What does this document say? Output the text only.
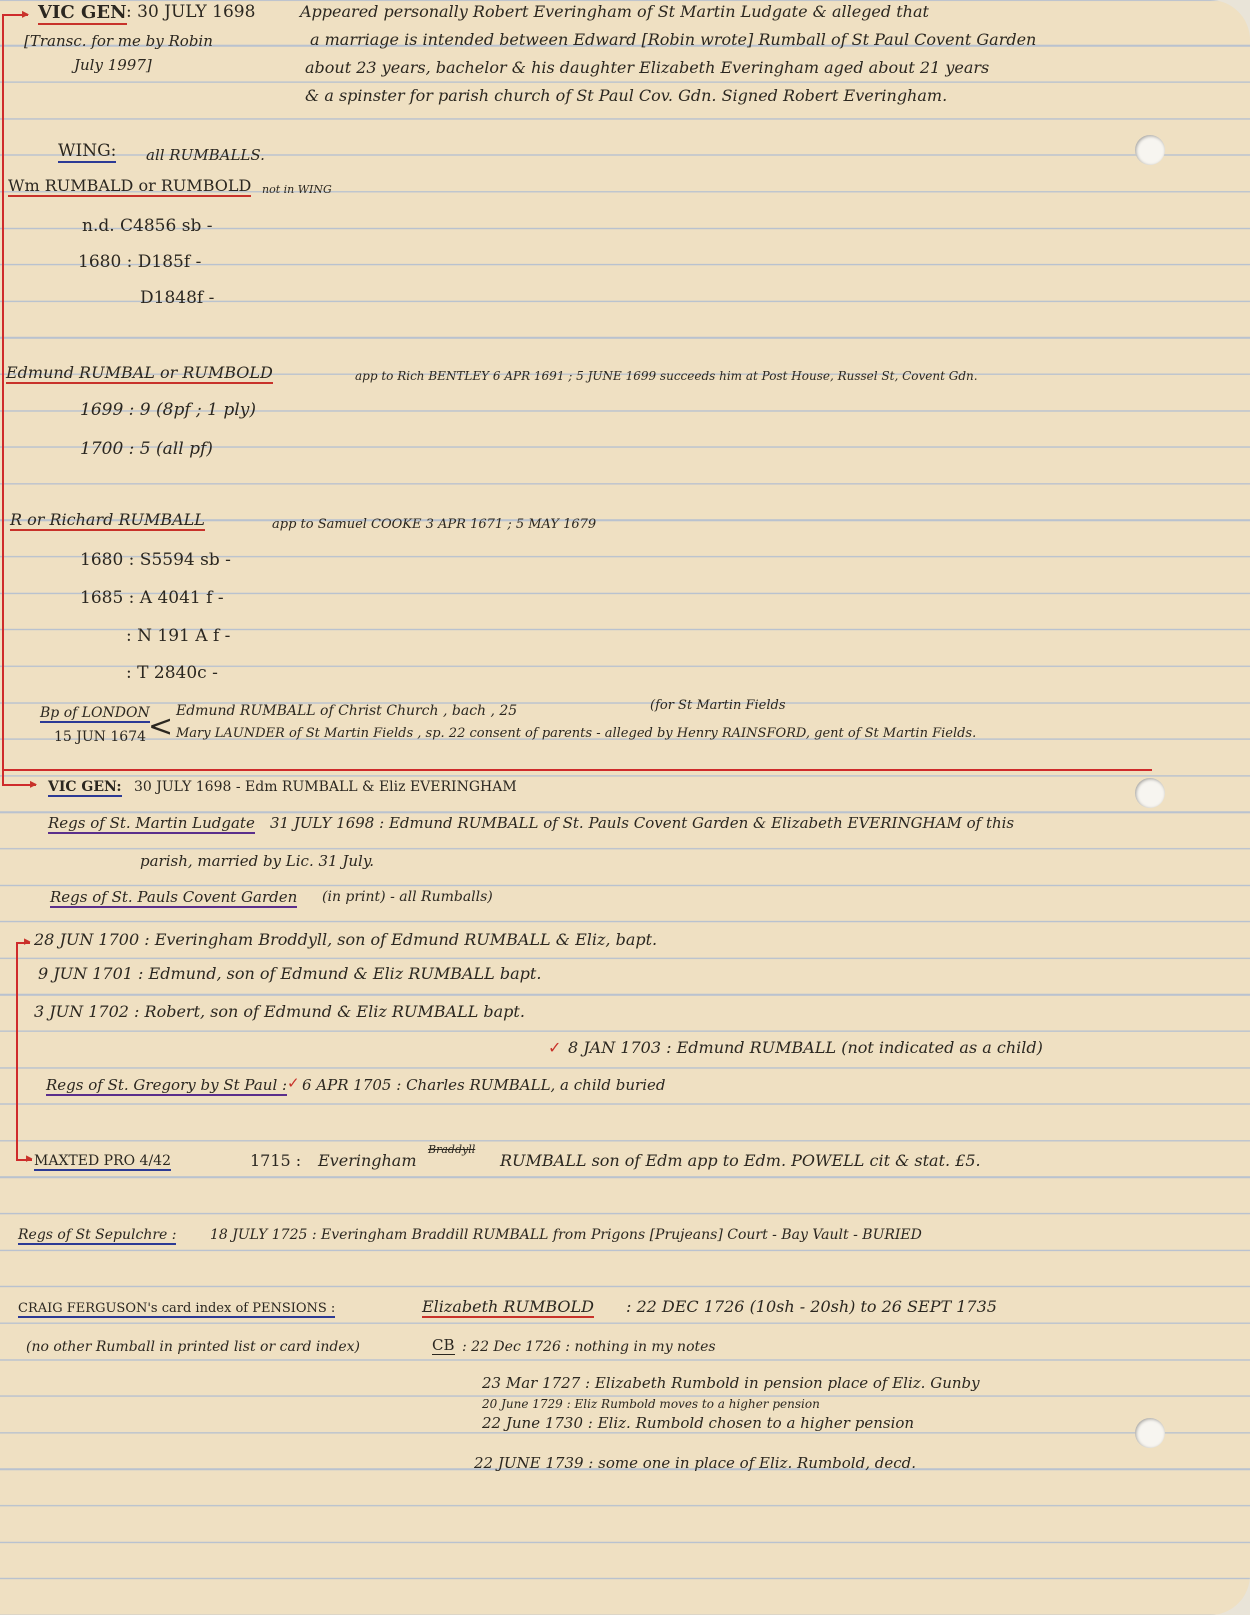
▸
▸
▸
▸
VIC GEN : 30 JULY 1698
[Transc. for me by Robin
July 1997]
Appeared personally Robert Everingham of St Martin Ludgate & alleged that
a marriage is intended between Edward [Robin wrote] Rumball of St Paul Covent Garden
about 23 years, bachelor & his daughter Elizabeth Everingham aged about 21 years
& a spinster for parish church of St Paul Cov. Gdn. Signed Robert Everingham.
WING: all RUMBALLS.
Wm RUMBALD or RUMBOLD not in WING
n.d. C4856 sb -
1680 : D185f -
D1848f -
Edmund RUMBAL or RUMBOLD	app to Rich BENTLEY 6 APR 1691 ; 5 JUNE 1699 succeeds him at Post House, Russel St, Covent Gdn.
1699 : 9 (8pf ; 1 ply)
1700 : 5 (all pf)
R or Richard RUMBALL	app to Samuel COOKE 3 APR 1671 ; 5 MAY 1679
1680 : S5594 sb -
1685 : A 4041 f -
: N 191 A f -
: T 2840c -
Bp of LONDON
15 JUN 1674 < Edmund RUMBALL of Christ Church , bach , 25	(for St Martin Fields
Mary LAUNDER of St Martin Fields , sp. 22 consent of parents - alleged by Henry RAINSFORD, gent of St Martin Fields.
VIC GEN: 30 JULY 1698 - Edm RUMBALL & Eliz EVERINGHAM
Regs of St. Martin Ludgate 31 JULY 1698 : Edmund RUMBALL of St. Pauls Covent Garden & Elizabeth EVERINGHAM of this
parish, married by Lic. 31 July.
Regs of St. Pauls Covent Garden (in print) - all Rumballs)
28 JUN 1700 : Everingham Broddyll, son of Edmund RUMBALL & Eliz, bapt.
9 JUN 1701 : Edmund, son of Edmund & Eliz RUMBALL bapt.
3 JUN 1702 : Robert, son of Edmund & Eliz RUMBALL bapt.
✓ 8 JAN 1703 : Edmund RUMBALL (not indicated as a child)
Regs of St. Gregory by St Paul : ✓ 6 APR 1705 : Charles RUMBALL, a child buried
MAXTED PRO 4/42	1715 : Everingham
Braddyll
RUMBALL son of Edm app to Edm. POWELL cit & stat. £5.
Regs of St Sepulchre : 18 JULY 1725 : Everingham Braddill RUMBALL from Prigons [Prujeans] Court - Bay Vault - BURIED
CRAIG FERGUSON's card index of PENSIONS :	Elizabeth RUMBOLD : 22 DEC 1726 (10sh - 20sh) to 26 SEPT 1735
(no other Rumball in printed list or card index)	CB : 22 Dec 1726 : nothing in my notes
23 Mar 1727 : Elizabeth Rumbold in pension place of Eliz. Gunby
20 June 1729 : Eliz Rumbold moves to a higher pension
22 June 1730 : Eliz. Rumbold chosen to a higher pension
22 JUNE 1739 : some one in place of Eliz. Rumbold, decd.
